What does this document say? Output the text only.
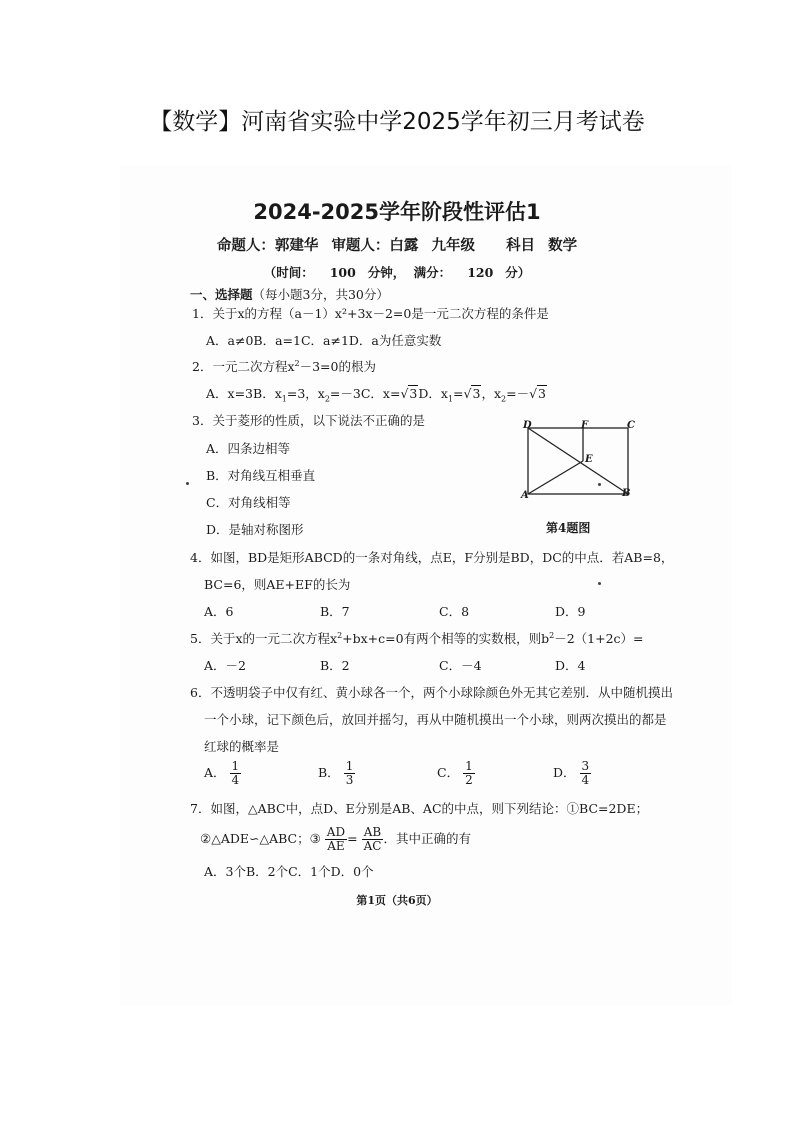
【数学】河南省实验中学2025学年初三月考试卷
2024-2025学年阶段性评估1
命题人：郭建华 审题人：白露 九年级 科目 数学
（时间： 100 分钟， 满分： 120 分）
一、选择题（每小题3分，共30分）
1．关于x的方程（a－1）x²+3x－2=0是一元二次方程的条件是
A．a≠0B．a=1C．a≠1D．a为任意实数
2．一元二次方程$x^2-3=0$的根为
A．x=3B．$x_1=3$，$x_2=-3C$．x=√3D．$x_1=√3$，$x_2=-√3$
3．关于菱形的性质，以下说法不正确的是
A．四条边相等
B．对角线互相垂直
C．对角线相等
D．是轴对称图形
D	F	C
E
A	B
第4题图
4．如图，BD是矩形ABCD的一条对角线，点E，F分别是BD，DC的中点．若AB=8，
BC=6，则AE+EF的长为
A．6	B．7	C．8	D．9
5．关于x的一元二次方程$x^2+bx+c=0$有两个相等的实数根，则$b^2-2(1+2c)=$
A．－2	B．2	C．－4	D．4
6．不透明袋子中仅有红、黄小球各一个，两个小球除颜色外无其它差别．从中随机摸出
一个小球，记下颜色后，放回并摇匀，再从中随机摸出一个小球，则两次摸出的都是
红球的概率是
A． $\frac{1}{4}$	B． $\frac{1}{3}$	C． $\frac{1}{2}$	D． $\frac{3}{4}$
7．如图，△ABC中，点D、E分别是AB、AC的中点，则下列结论：①BC=2DE；
②△ADE∽△ABC；③ $\frac{AD}{AE} = \frac{AB}{AC}$ ．其中正确的有
A．3个B．2个C．1个D．0个
第1页（共6页）
